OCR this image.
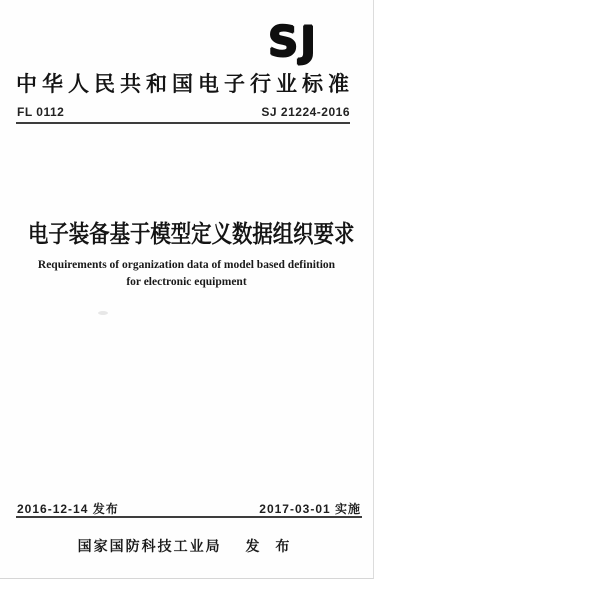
SJ
中华人民共和国电子行业标准
FL 0112	SJ 21224-2016
电子装备基于模型定义数据组织要求
Requirements of organization data of model based definition
for electronic equipment
2016-12-14 发布	2017-03-01 实施
国家国防科技工业局 发 布
